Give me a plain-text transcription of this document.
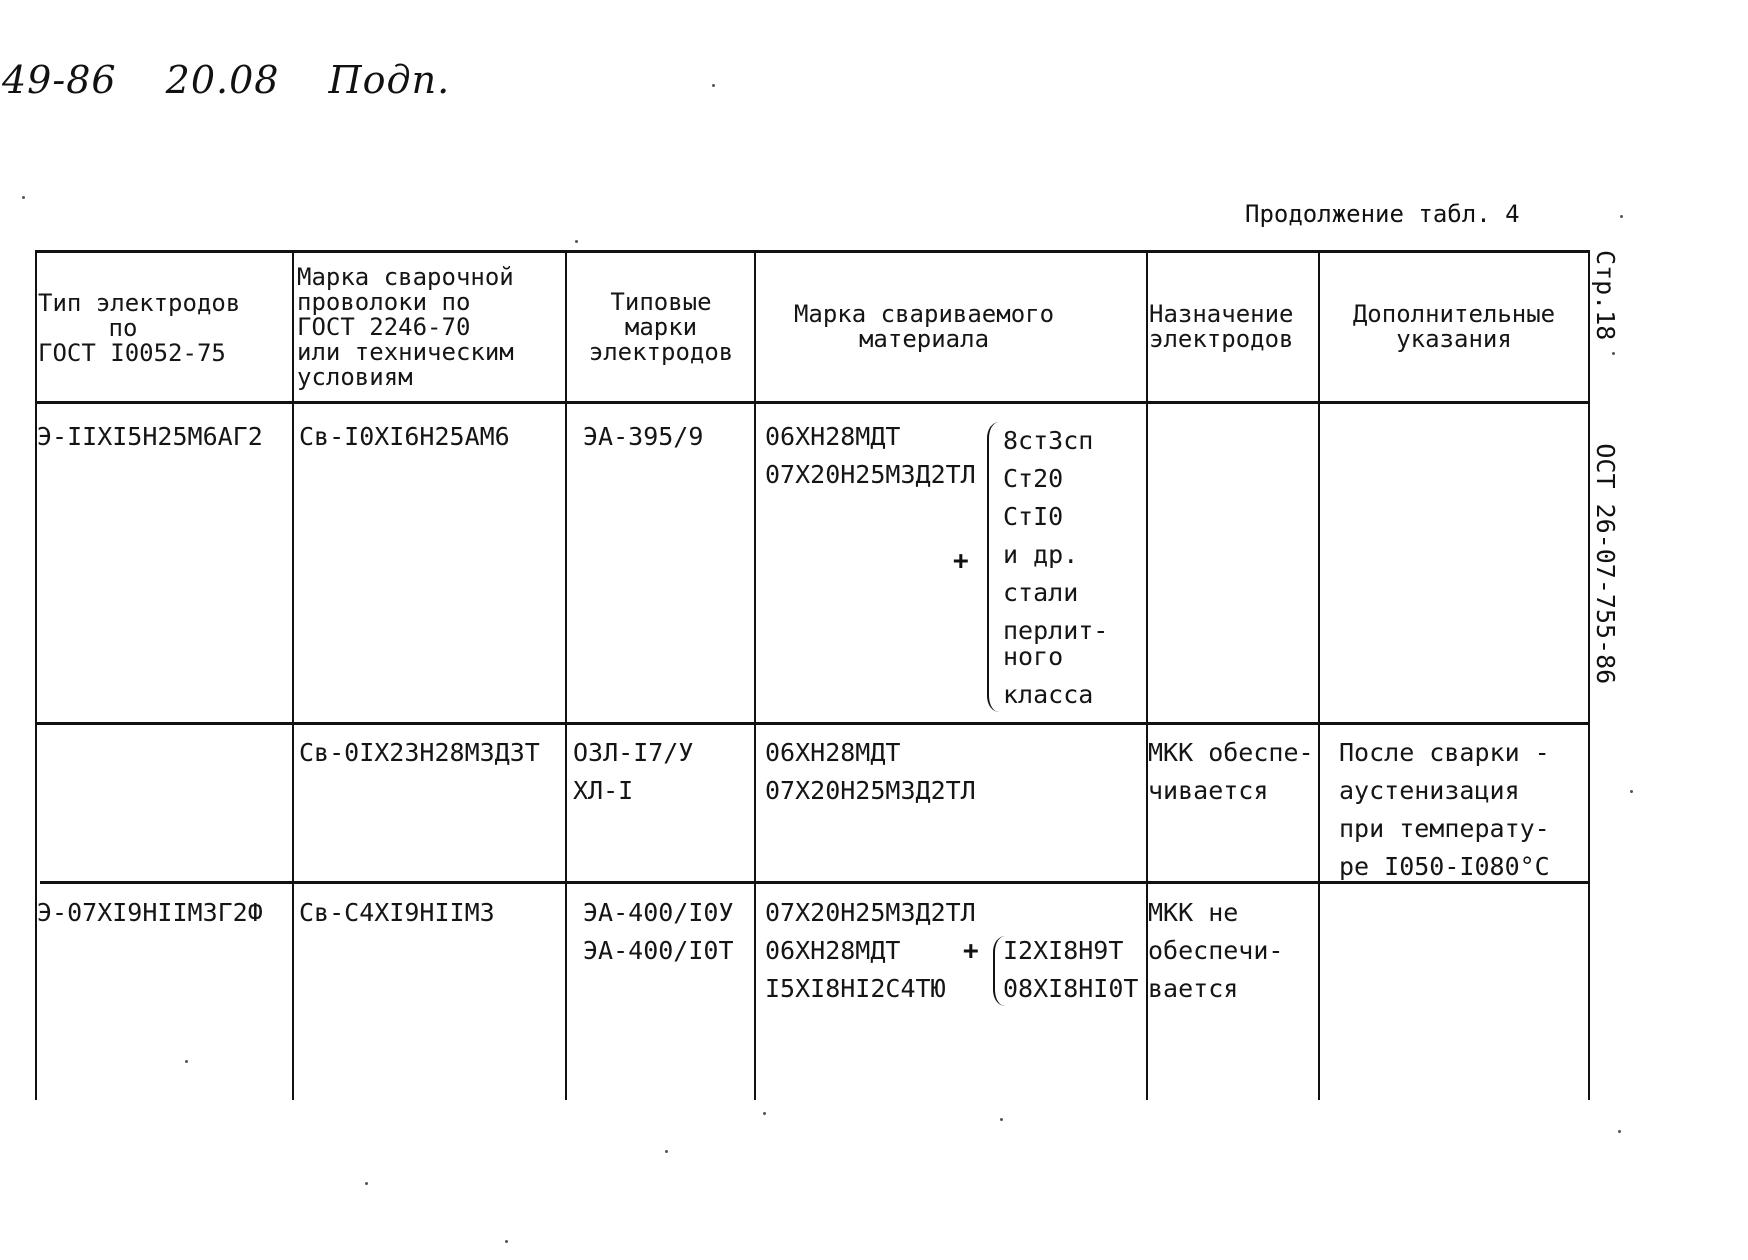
49-86 20.08 Подп.
Продолжение табл. 4
Стр.18 ОСТ 26-07-755-86
Тип электродов
по
ГОСТ I0052-75
Марка сварочной
проволоки по
ГОСТ 2246-70
или техническим
условиям
Типовые
марки
электродов
Марка свариваемого
материала
Назначение
электродов
Дополнительные
указания
Э-IIXI5H25M6AГ2 Св-I0XI6H25AM6	ЭА-395/9 06XH28MДТ
07X20H25M3Д2ТЛ
+
8ст3сп
Ст20
СтI0
и др.
стали
перлит-
ного
класса
Св-0IX23H28M3Д3T ОЗЛ-I7/У
ХЛ-I
06XH28MДТ
07X20H25M3Д2ТЛ
МКК обеспе-
чивается
После сварки -
аустенизация
при температу-
ре I050-I080°С
Э-07XI9HIIM3Г2Ф Св-С4XI9HIIM3	ЭА-400/I0У
ЭА-400/I0T
07X20H25M3Д2ТЛ
06XH28MДТ
I5XI8HI2С4TЮ
+ I2XI8H9T
08XI8HI0T
МКК не
обеспечи-
вается
